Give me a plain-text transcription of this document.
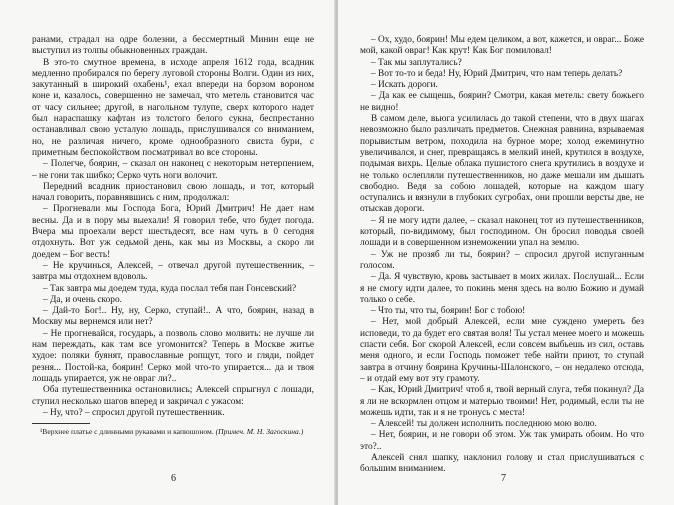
ранами, страдал на одре болезни, а бессмертный Минин еще не выступил из толпы обыкновенных граждан.

В это-то смутное времена, в исходе апреля 1612 года, всадник медленно пробирался по берегу луговой стороны Волги. Один из них, закутанный в широкий охабень¹, ехал впереди на борзом вороном коне и, казалось, совершенно не замечал, что метель становится час от часу сильнее; другой, в нагольном тулупе, сверх которого надет был нараспашку кафтан из толстого белого сукна, беспрестанно останавливал свою усталую лошадь, прислушивался со вниманием, но, не различая ничего, кроме однообразного свиста бури, с приметным беспокойством посматривал во все стороны.

– Полегче, боярин, – сказал он наконец с некоторым нетерпением, – не гони так шибко; Серко чуть ноги волочит.

Передний всадник приостановил свою лошадь, и тот, который начал говорить, поравнявшись с ним, продолжал:

– Прогневали мы Господа Бога, Юрий Дмитрич! Не дает нам весны. Да и в пору мы выехали! Я говорил тебе, что будет погода. Вчера мы проехали верст шестьдесят, все нам чуть в 0 сегодня отдохнуть. Вот уж седьмой день, как мы из Москвы, а скоро ли доедем – Бог весть!

– Не кручинься, Алексей, – отвечал другой путешественник, – завтра мы отдохнем вдоволь.

– Так завтра мы доедем туда, куда послал тебя пан Гонсевский?

– Да, и очень скоро.

– Дай-то Бог!.. Ну, ну, Серко, ступай!.. А что, боярин, назад в Москву мы вернемся или нет?

– Не прогневайся, государь, а позволь слово молвить: не лучше ли нам переждать, как там все угомонится? Теперь в Москве житье худое: поляки буянят, православные ропщут, того и гляди, пойдет резня... Постой-ка, боярин! Серко мой что-то упирается... да и твоя лошадь упирается, уж не овраг ли?..

Оба путешественника остановились; Алексей спрыгнул с лошади, ступил несколько шагов вперед и закричал с ужасом:

– Ну, что? – спросил другой путешественник.

¹Верхнее платье с длинными рукавами и капюшоном. (Примеч. М. Н. Загоскина.)
6

– Ох, худо, боярин! Мы едем целиком, а вот, кажется, и овраг... Боже мой, какой овраг! Как крут! Как Бог помиловал!

– Так мы заплутались?

– Вот то-то и беда! Ну, Юрий Дмитрич, что нам теперь делать?

– Искать дороги.

– Да как ее сыщешь, боярин? Смотри, какая метель: свету божьего не видно!

В самом деле, вьюга усилилась до такой степени, что в двух шагах невозможно было различать предметов. Снежная равнина, взрываемая порывистым ветром, походила на бурное море; холод ежеминутно увеличивался, и снег, превращаясь в мелкий иней, крутился в воздухе, подымая вихрь. Целые облака пушистого снега крутились в воздухе и не только ослепляли путешественников, но даже мешали им дышать свободно. Ведя за собою лошадей, которые на каждом шагу оступались и вязнули в глубоких сугробах, они прошли версты две, не отыскав дороги.

– Я не могу идти далее, – сказал наконец тот из путешественников, который, по-видимому, был господином. Он бросил поводья своей лошади и в совершенном изнеможении упал на землю.

– Уж не прозяб ли ты, боярин? – спросил другой испуганным голосом.

– Да. Я чувствую, кровь застывает в моих жилах. Послушай... Если я не смогу идти далее, то покинь меня здесь на волю Божию и думай только о себе.

– Что ты, что ты, боярин! Бог с тобою!

– Нет, мой добрый Алексей, если мне суждено умереть без исповеди, то да будет его святая воля! Ты устал менее моего и можешь спасти себя. Бог скорой Алексей, если совсем выбьешь из сил, оставь меня одного, и если Господь поможет тебе найти приют, то ступай завтра в отчину боярина Кручины-Шалонского, – он недалеко отсюда, – и отдай ему вот эту грамоту.

– Как, Юрий Дмитрич! чтоб я, твой верный слуга, тебя покинул? Да я ли не вскормлен отцом и матерью твоими! Нет, родимый, если ты не можешь идти, так и я не тронусь с места!

– Алексей! ты должен исполнить последнюю мою волю.

– Нет, боярин, и не говори об этом. Уж так умирать обоим. Но что это?..

Алексей снял шапку, наклонил голову и стал прислушиваться с большим вниманием.

7
